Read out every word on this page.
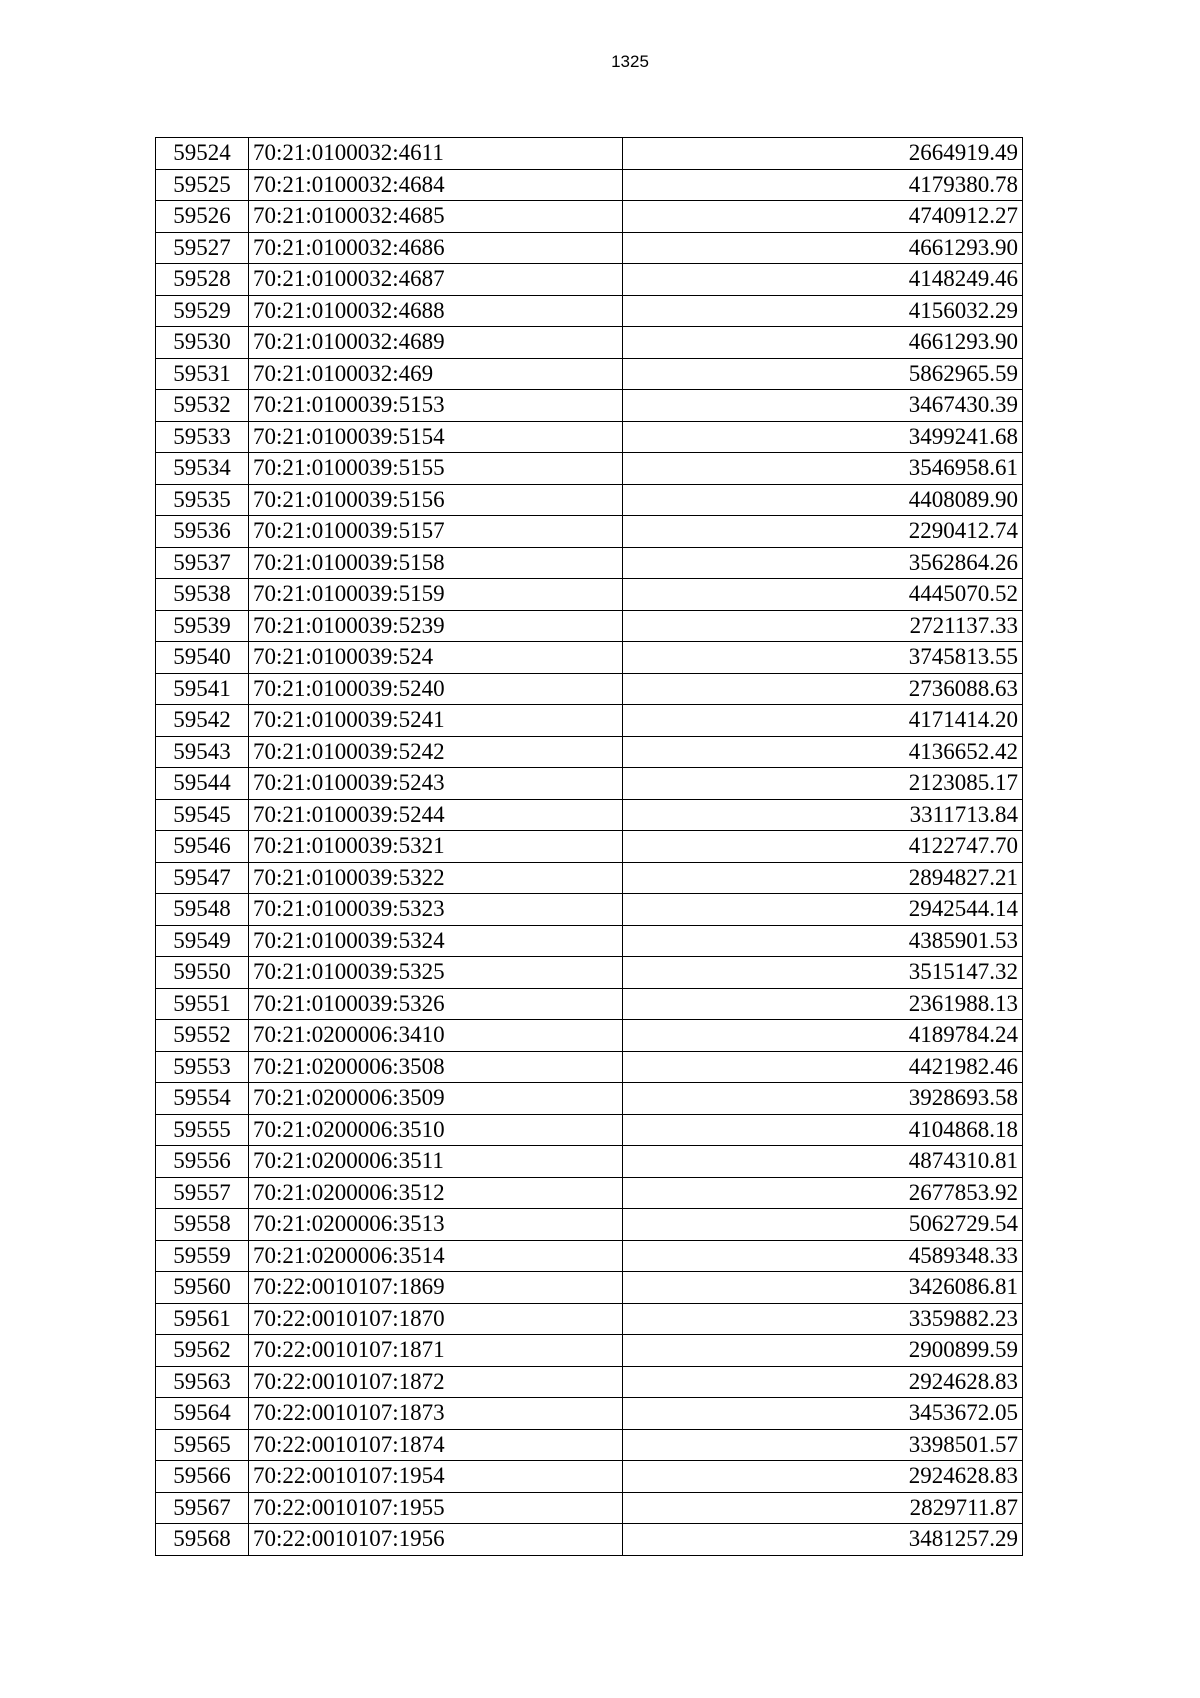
1325
59524	70:21:0100032:4611	2664919.49
59525	70:21:0100032:4684	4179380.78
59526	70:21:0100032:4685	4740912.27
59527	70:21:0100032:4686	4661293.90
59528	70:21:0100032:4687	4148249.46
59529	70:21:0100032:4688	4156032.29
59530	70:21:0100032:4689	4661293.90
59531	70:21:0100032:469	5862965.59
59532	70:21:0100039:5153	3467430.39
59533	70:21:0100039:5154	3499241.68
59534	70:21:0100039:5155	3546958.61
59535	70:21:0100039:5156	4408089.90
59536	70:21:0100039:5157	2290412.74
59537	70:21:0100039:5158	3562864.26
59538	70:21:0100039:5159	4445070.52
59539	70:21:0100039:5239	2721137.33
59540	70:21:0100039:524	3745813.55
59541	70:21:0100039:5240	2736088.63
59542	70:21:0100039:5241	4171414.20
59543	70:21:0100039:5242	4136652.42
59544	70:21:0100039:5243	2123085.17
59545	70:21:0100039:5244	3311713.84
59546	70:21:0100039:5321	4122747.70
59547	70:21:0100039:5322	2894827.21
59548	70:21:0100039:5323	2942544.14
59549	70:21:0100039:5324	4385901.53
59550	70:21:0100039:5325	3515147.32
59551	70:21:0100039:5326	2361988.13
59552	70:21:0200006:3410	4189784.24
59553	70:21:0200006:3508	4421982.46
59554	70:21:0200006:3509	3928693.58
59555	70:21:0200006:3510	4104868.18
59556	70:21:0200006:3511	4874310.81
59557	70:21:0200006:3512	2677853.92
59558	70:21:0200006:3513	5062729.54
59559	70:21:0200006:3514	4589348.33
59560	70:22:0010107:1869	3426086.81
59561	70:22:0010107:1870	3359882.23
59562	70:22:0010107:1871	2900899.59
59563	70:22:0010107:1872	2924628.83
59564	70:22:0010107:1873	3453672.05
59565	70:22:0010107:1874	3398501.57
59566	70:22:0010107:1954	2924628.83
59567	70:22:0010107:1955	2829711.87
59568	70:22:0010107:1956	3481257.29
